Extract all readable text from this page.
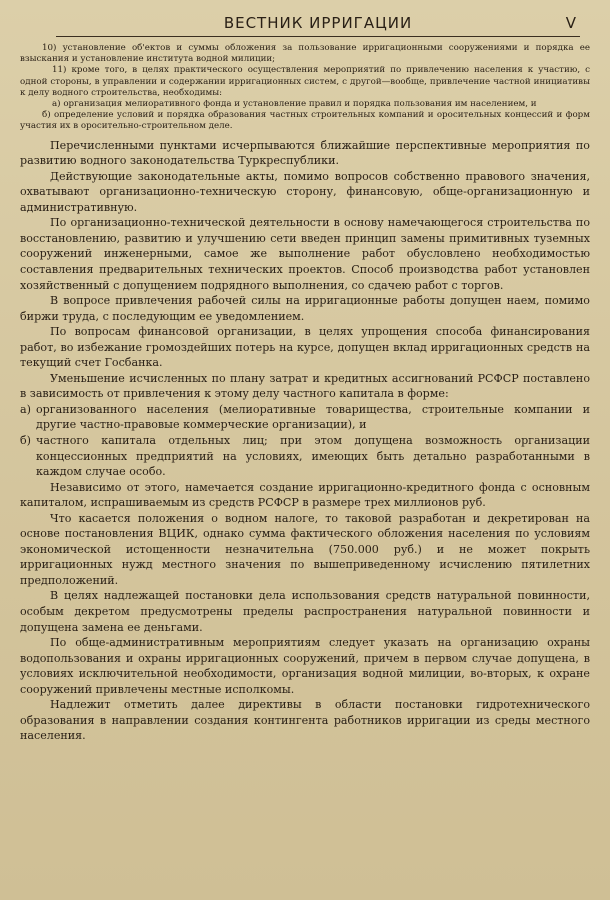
ВЕСТНИК ИРРИГАЦИИ	V

10) установление об'ектов и суммы обложения за пользование ирригационными сооружениями и порядка ее взыскания и установление института водной милиции;

11) кроме того, в целях практического осуществления мероприятий по привлечению населения к участию, с одной стороны, в управлении и содержании ирригационных систем, с другой—вообще, привлечение частной инициативы к делу водного строительства, необходимы:

а) организация мелиоративного фонда и установление правил и порядка пользования им населением, и

б) определение условий и порядка образования частных строительных компаний и оросительных концессий и форм участия их в оросительно-строительном деле.

Перечисленными пунктами исчерпываются ближайшие перспективные мероприятия по развитию водного законодательства Туркреспублики.

Действующие законодательные акты, помимо вопросов собственно правового значения, охватывают организационно-техническую сторону, финансовую, обще-организационную и административную.

По организационно-технической деятельности в основу намечающегося строительства по восстановлению, развитию и улучшению сети введен принцип замены примитивных туземных сооружений инженерными, самое же выполнение работ обусловлено необходимостью составления предварительных технических проектов. Способ производства работ установлен хозяйственный с допущением подрядного выполнения, со сдачею работ с торгов.

В вопросе привлечения рабочей силы на ирригационные работы допущен наем, помимо биржи труда, с последующим ее уведомлением.

По вопросам финансовой организации, в целях упрощения способа финансирования работ, во избежание громоздейших потерь на курсе, допущен вклад ирригационных средств на текущий счет Госбанка.

Уменьшение исчисленных по плану затрат и кредитных ассигнований РСФСР поставлено в зависимость от привлечения к этому делу частного капитала в форме:

а) организованного населения (мелиоративные товарищества, строительные компании и другие частно-правовые коммерческие организации), и

б) частного капитала отдельных лиц; при этом допущена возможность организации концессионных предприятий на условиях, имеющих быть детально разработанными в каждом случае особо.

Независимо от этого, намечается создание ирригационно-кредитного фонда с основным капиталом, испрашиваемым из средств РСФСР в размере трех миллионов руб.

Что касается положения о водном налоге, то таковой разработан и декретирован на основе постановления ВЦИК, однако сумма фактического обложения населения по условиям экономической истощенности незначительна (750.000 руб.) и не может покрыть ирригационных нужд местного значения по вышеприведенному исчислению пятилетних предположений.

В целях надлежащей постановки дела использования средств натуральной повинности, особым декретом предусмотрены пределы распространения натуральной повинности и допущена замена ее деньгами.

По обще-административным мероприятиям следует указать на организацию охраны водопользования и охраны ирригационных сооружений, причем в первом случае допущена, в условиях исключительной необходимости, организация водной милиции, во-вторых, к охране сооружений привлечены местные исполкомы.

Надлежит отметить далее директивы в области постановки гидротехнического образования в направлении создания контингента работников ирригации из среды местного населения.
